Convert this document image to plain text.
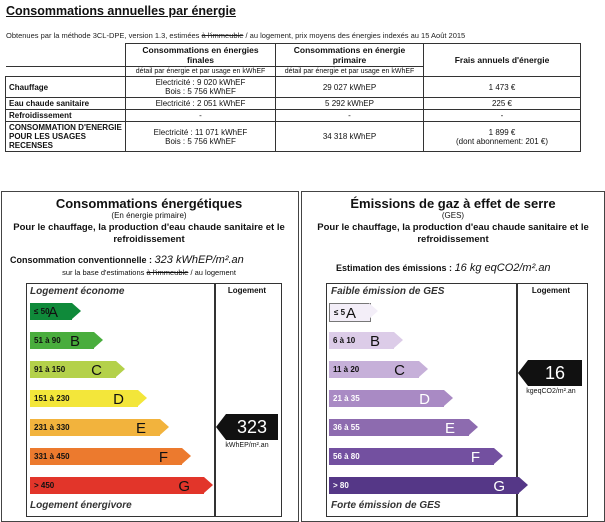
Consommations annuelles par énergie
Obtenues par la méthode 3CL-DPE, version 1.3, estimées à l'immeuble / au logement, prix moyens des énergies indexés au 15 Août 2015
	Consommations en énergies finales	Consommations en énergie primaire	Frais annuels d'énergie
	détail par énergie et par usage en kWhEF	détail par énergie et par usage en kWhEF	
Chauffage	Electricité : 9 020 kWhEF
Bois : 5 756 kWhEF	29 027 kWhEP	1 473 €
Eau chaude sanitaire	Electricité : 2 051 kWhEF	5 292 kWhEP	225 €
Refroidissement	-	-	-
CONSOMMATION D'ENERGIE POUR LES USAGES RECENSES	Electricité : 11 071 kWhEF
Bois : 5 756 kWhEF	34 318 kWhEP	1 899 €
(dont abonnement: 201 €)
Consommations énergétiques
(En énergie primaire)
Pour le chauffage, la production d'eau chaude sanitaire et le refroidissement
Consommation conventionnelle : 323 kWhEP/m².an
sur la base d'estimations à l'immeuble / au logement
Logement économe	Logement
≤ 50
A
51 à 90 B
91 à 150 C
151 à 230	D
231 à 330	E
331 à 450	F
> 450	G
Logement énergivore
323
kWhEP/m².an
Émissions de gaz à effet de serre
(GES)
Pour le chauffage, la production d'eau chaude sanitaire et le refroidissement
Estimation des émissions : 16 kg eqCO2/m².an
Faible émission de GES	Logement
≤ 5 A
6 à 10 B
11 à 20 C
21 à 35	D
36 à 55	E
56 à 80	F
> 80	G
Forte émission de GES
16
kgeqCO2/m².an
